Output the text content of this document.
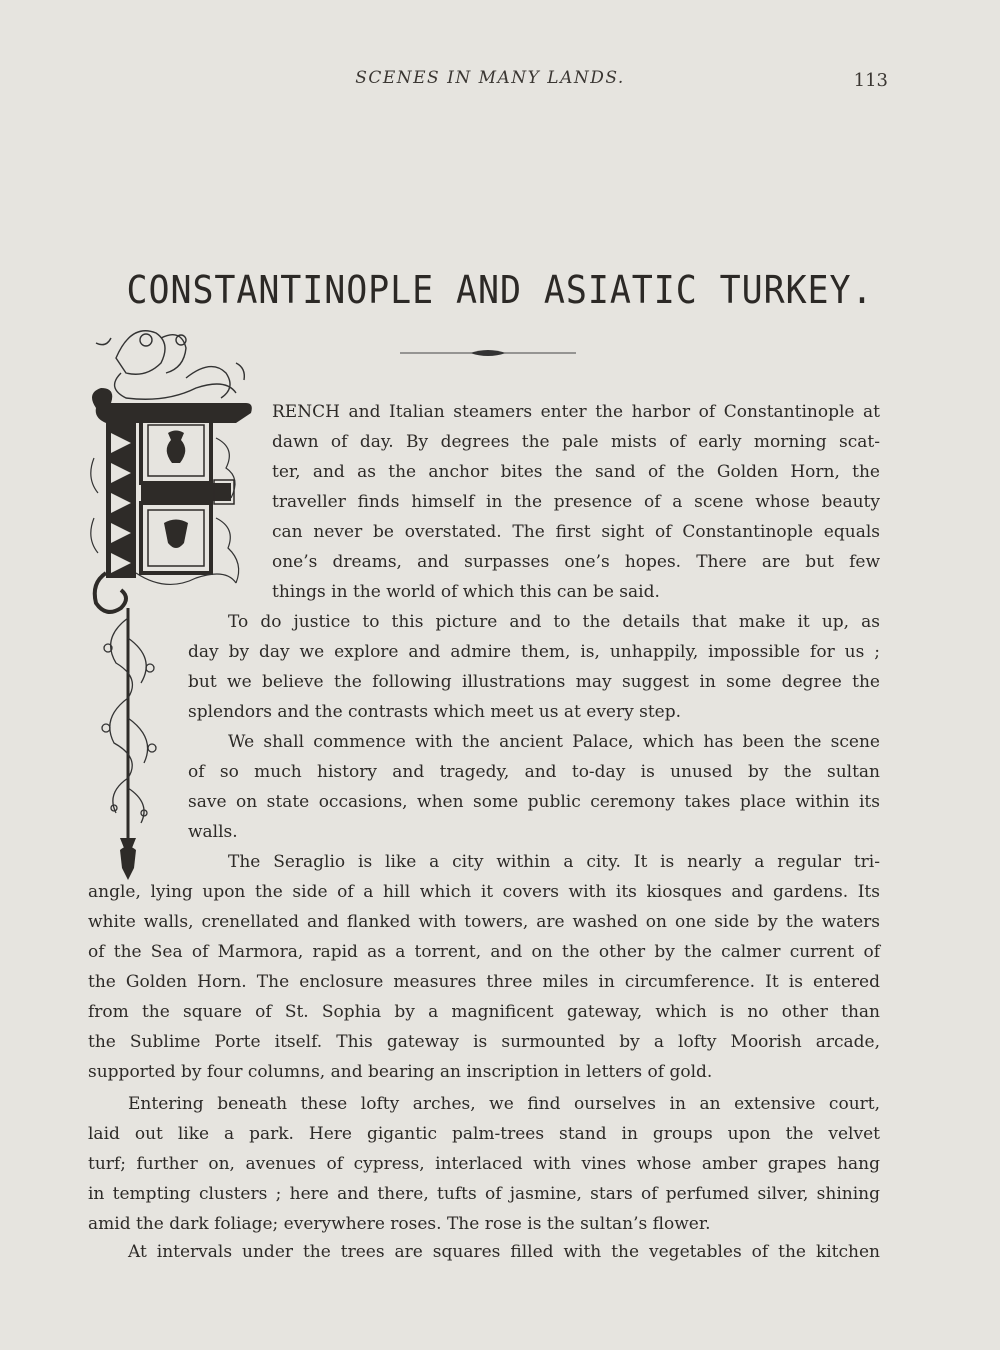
SCENES IN MANY LANDS.	113
CONSTANTINOPLE AND ASIATIC TURKEY.
RENCH and Italian steamers enter the harbor of Constantinople at
dawn of day. By degrees the pale mists of early morning scat-
ter, and as the anchor bites the sand of the Golden Horn, the
traveller finds himself in the presence of a scene whose beauty
can never be overstated. The first sight of Constantinople equals
one’s dreams, and surpasses one’s hopes. There are but few
things in the world of which this can be said.
To do justice to this picture and to the details that make it up, as
day by day we explore and admire them, is, unhappily, impossible for us ;
but we believe the following illustrations may suggest in some degree the
splendors and the contrasts which meet us at every step.
We shall commence with the ancient Palace, which has been the scene
of so much history and tragedy, and to-day is unused by the sultan
save on state occasions, when some public ceremony takes place within its
walls.
The Seraglio is like a city within a city. It is nearly a regular tri-
angle, lying upon the side of a hill which it covers with its kiosques and gardens. Its
white walls, crenellated and flanked with towers, are washed on one side by the waters
of the Sea of Marmora, rapid as a torrent, and on the other by the calmer current of
the Golden Horn. The enclosure measures three miles in circumference. It is entered
from the square of St. Sophia by a magnificent gateway, which is no other than
the Sublime Porte itself. This gateway is surmounted by a lofty Moorish arcade,
supported by four columns, and bearing an inscription in letters of gold.
Entering beneath these lofty arches, we find ourselves in an extensive court,
laid out like a park. Here gigantic palm-trees stand in groups upon the velvet
turf; further on, avenues of cypress, interlaced with vines whose amber grapes hang
in tempting clusters ; here and there, tufts of jasmine, stars of perfumed silver, shining
amid the dark foliage; everywhere roses. The rose is the sultan’s flower.
At intervals under the trees are squares filled with the vegetables of the kitchen
